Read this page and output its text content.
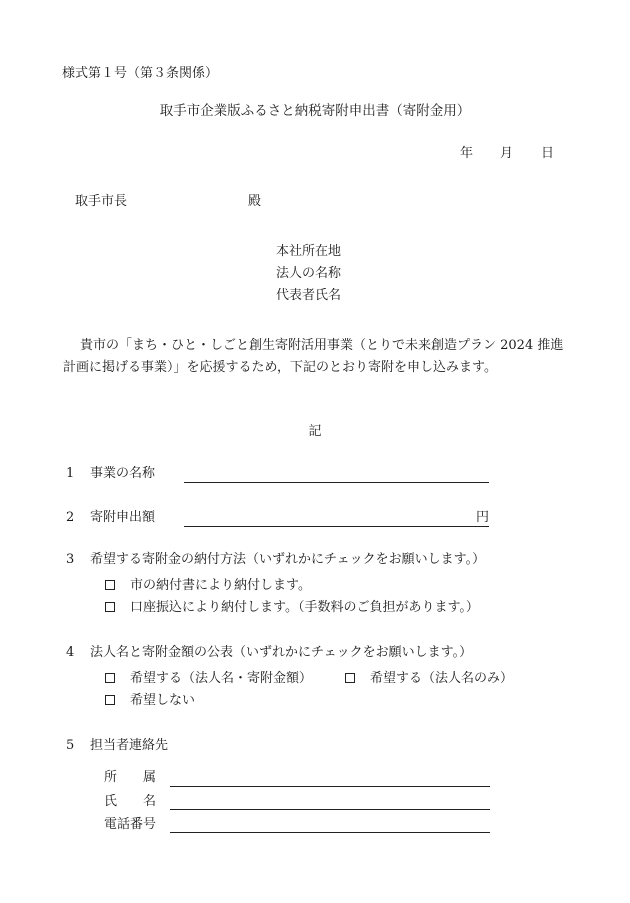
様式第１号（第３条関係）
取手市企業版ふるさと納税寄附申出書（寄附金用）
年 月 日
取手市長	殿
本社所在地
法人の名称
代表者氏名
貴市の「まち・ひと・しごと創生寄附活用事業（とりで未来創造プラン 2024 推進
計画に掲げる事業）」を応援するため，下記のとおり寄附を申し込みます。
記
1 事業の名称
2 寄附申出額	円
3 希望する寄附金の納付方法（いずれかにチェックをお願いします。）
市の納付書により納付します。
口座振込により納付します。（手数料のご負担があります。）
4 法人名と寄附金額の公表（いずれかにチェックをお願いします。）
希望する（法人名・寄附金額）	希望する（法人名のみ）
希望しない
5 担当者連絡先
所　　属
氏　　名
電話番号
